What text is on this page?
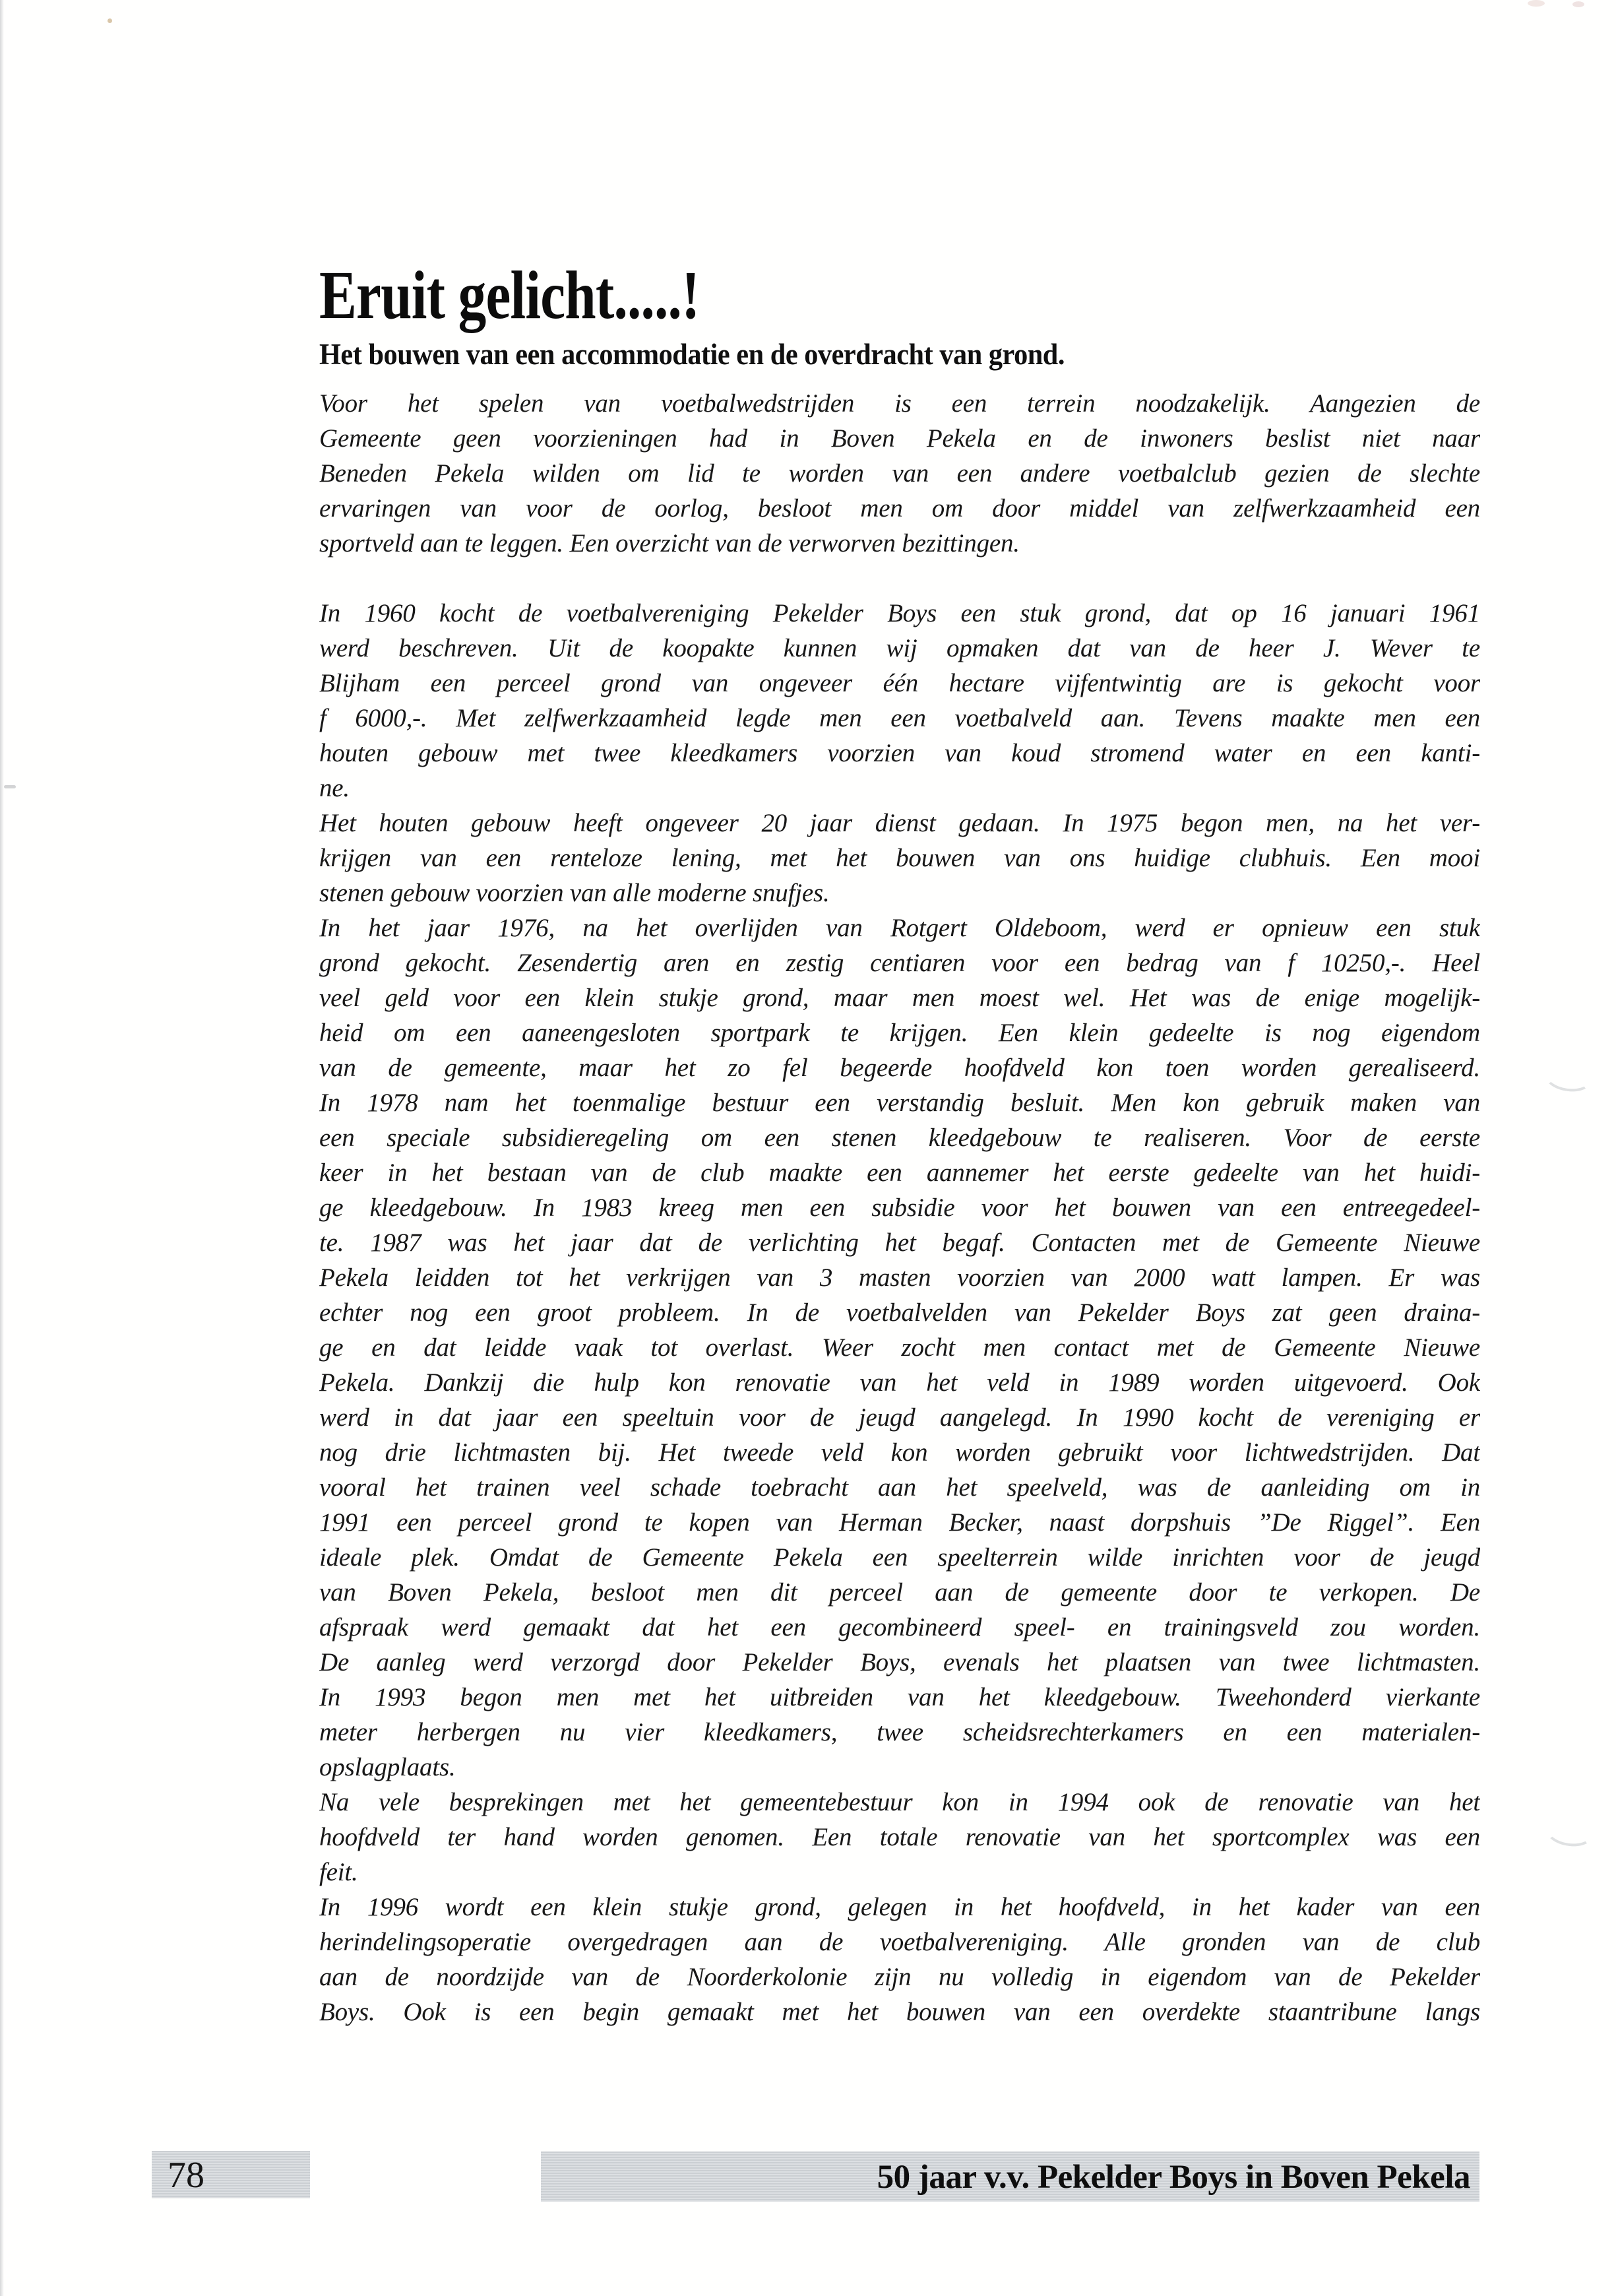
Eruit gelicht.....!
Het bouwen van een accommodatie en de overdracht van grond.
Voor het spelen van voetbalwedstrijden is een terrein noodzakelijk. Aangezien de
Gemeente geen voorzieningen had in Boven Pekela en de inwoners beslist niet naar
Beneden Pekela wilden om lid te worden van een andere voetbalclub gezien de slechte
ervaringen van voor de oorlog, besloot men om door middel van zelfwerkzaamheid een
sportveld aan te leggen. Een overzicht van de verworven bezittingen.
In 1960 kocht de voetbalvereniging Pekelder Boys een stuk grond, dat op 16 januari 1961
werd beschreven. Uit de koopakte kunnen wij opmaken dat van de heer J. Wever te
Blijham een perceel grond van ongeveer één hectare vijfentwintig are is gekocht voor
f 6000,-. Met zelfwerkzaamheid legde men een voetbalveld aan. Tevens maakte men een
houten gebouw met twee kleedkamers voorzien van koud stromend water en een kanti-
ne.
Het houten gebouw heeft ongeveer 20 jaar dienst gedaan. In 1975 begon men, na het ver-
krijgen van een renteloze lening, met het bouwen van ons huidige clubhuis. Een mooi
stenen gebouw voorzien van alle moderne snufjes.
In het jaar 1976, na het overlijden van Rotgert Oldeboom, werd er opnieuw een stuk
grond gekocht. Zesendertig aren en zestig centiaren voor een bedrag van f 10250,-. Heel
veel geld voor een klein stukje grond, maar men moest wel. Het was de enige mogelijk-
heid om een aaneengesloten sportpark te krijgen. Een klein gedeelte is nog eigendom
van de gemeente, maar het zo fel begeerde hoofdveld kon toen worden gerealiseerd.
In 1978 nam het toenmalige bestuur een verstandig besluit. Men kon gebruik maken van
een speciale subsidieregeling om een stenen kleedgebouw te realiseren. Voor de eerste
keer in het bestaan van de club maakte een aannemer het eerste gedeelte van het huidi-
ge kleedgebouw. In 1983 kreeg men een subsidie voor het bouwen van een entreegedeel-
te. 1987 was het jaar dat de verlichting het begaf. Contacten met de Gemeente Nieuwe
Pekela leidden tot het verkrijgen van 3 masten voorzien van 2000 watt lampen. Er was
echter nog een groot probleem. In de voetbalvelden van Pekelder Boys zat geen draina-
ge en dat leidde vaak tot overlast. Weer zocht men contact met de Gemeente Nieuwe
Pekela. Dankzij die hulp kon renovatie van het veld in 1989 worden uitgevoerd. Ook
werd in dat jaar een speeltuin voor de jeugd aangelegd. In 1990 kocht de vereniging er
nog drie lichtmasten bij. Het tweede veld kon worden gebruikt voor lichtwedstrijden. Dat
vooral het trainen veel schade toebracht aan het speelveld, was de aanleiding om in
1991 een perceel grond te kopen van Herman Becker, naast dorpshuis ”De Riggel”. Een
ideale plek. Omdat de Gemeente Pekela een speelterrein wilde inrichten voor de jeugd
van Boven Pekela, besloot men dit perceel aan de gemeente door te verkopen. De
afspraak werd gemaakt dat het een gecombineerd speel- en trainingsveld zou worden.
De aanleg werd verzorgd door Pekelder Boys, evenals het plaatsen van twee lichtmasten.
In 1993 begon men met het uitbreiden van het kleedgebouw. Tweehonderd vierkante
meter herbergen nu vier kleedkamers, twee scheidsrechterkamers en een materialen-
opslagplaats.
Na vele besprekingen met het gemeentebestuur kon in 1994 ook de renovatie van het
hoofdveld ter hand worden genomen. Een totale renovatie van het sportcomplex was een
feit.
In 1996 wordt een klein stukje grond, gelegen in het hoofdveld, in het kader van een
herindelingsoperatie overgedragen aan de voetbalvereniging. Alle gronden van de club
aan de noordzijde van de Noorderkolonie zijn nu volledig in eigendom van de Pekelder
Boys. Ook is een begin gemaakt met het bouwen van een overdekte staantribune langs
78	50 jaar v.v. Pekelder Boys in Boven Pekela
